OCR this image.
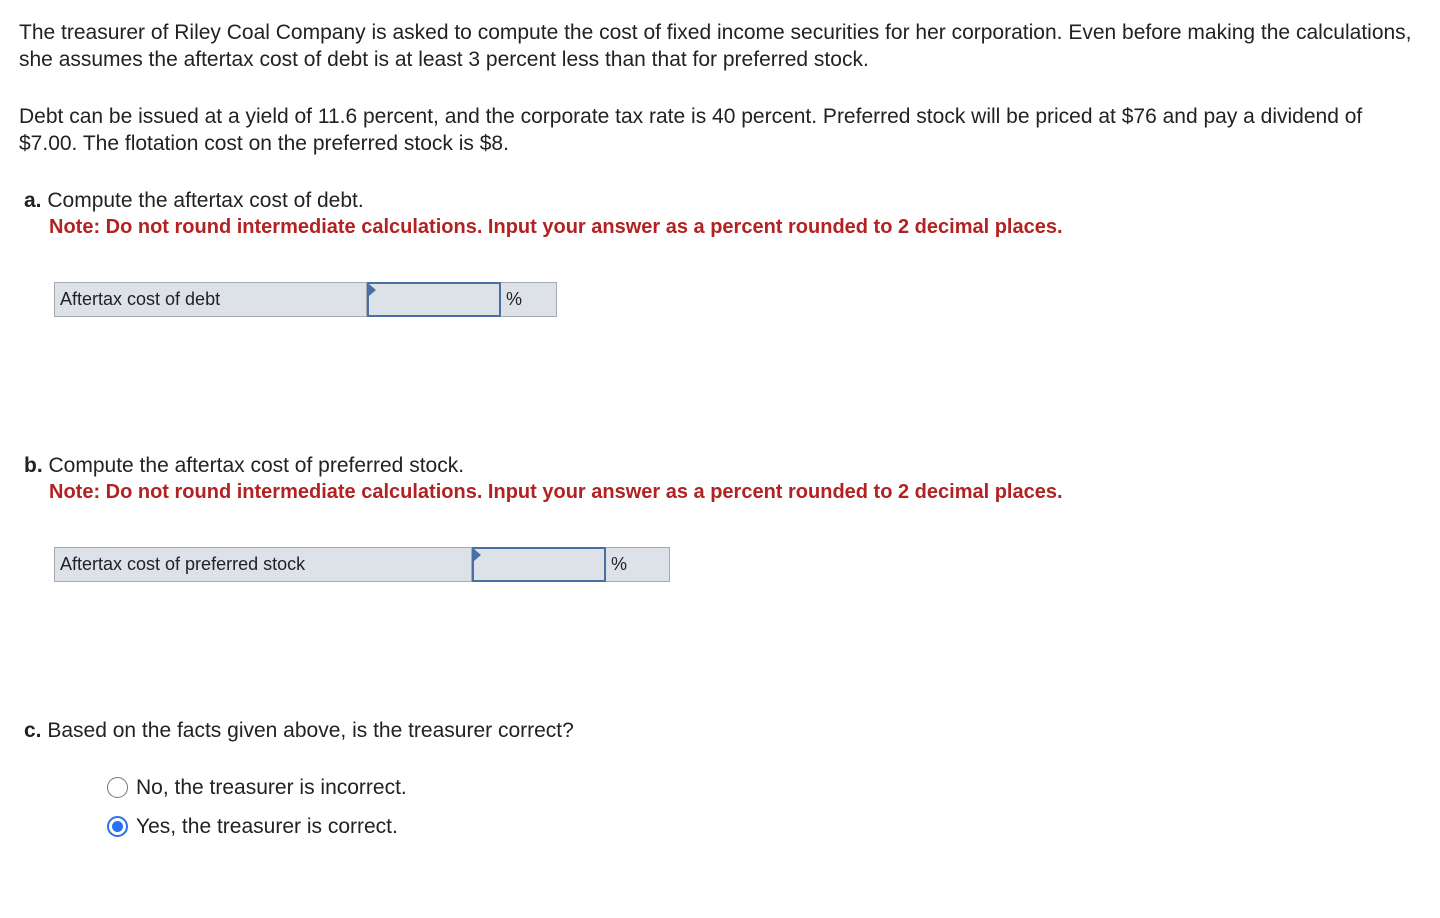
The treasurer of Riley Coal Company is asked to compute the cost of fixed income securities for her corporation. Even before making the calculations, she assumes the aftertax cost of debt is at least 3 percent less than that for preferred stock.

Debt can be issued at a yield of 11.6 percent, and the corporate tax rate is 40 percent. Preferred stock will be priced at $76 and pay a dividend of $7.00. The flotation cost on the preferred stock is $8.

a. Compute the aftertax cost of debt.

Note: Do not round intermediate calculations. Input your answer as a percent rounded to 2 decimal places.

Aftertax cost of debt	%

b. Compute the aftertax cost of preferred stock.

Note: Do not round intermediate calculations. Input your answer as a percent rounded to 2 decimal places.

Aftertax cost of preferred stock	%

c. Based on the facts given above, is the treasurer correct?

No, the treasurer is incorrect.
Yes, the treasurer is correct.
